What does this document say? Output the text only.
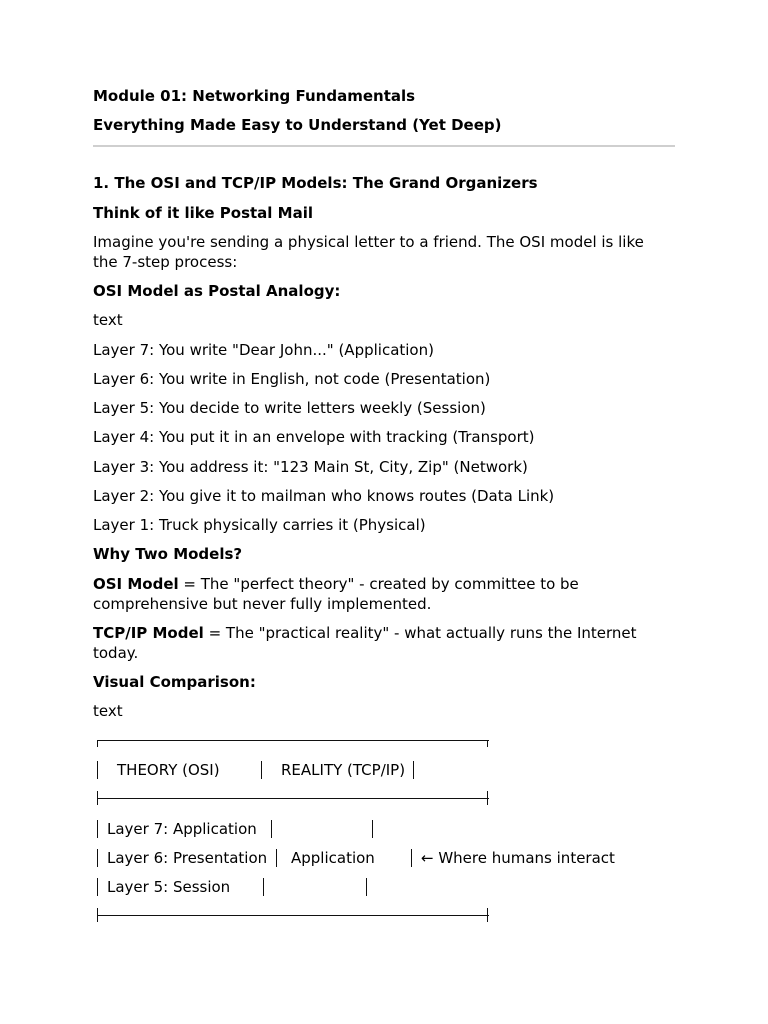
Module 01: Networking Fundamentals
Everything Made Easy to Understand (Yet Deep)
1. The OSI and TCP/IP Models: The Grand Organizers
Think of it like Postal Mail
Imagine you're sending a physical letter to a friend. The OSI model is like the 7-step process:
OSI Model as Postal Analogy:
text
Layer 7: You write "Dear John..." (Application)
Layer 6: You write in English, not code (Presentation)
Layer 5: You decide to write letters weekly (Session)
Layer 4: You put it in an envelope with tracking (Transport)
Layer 3: You address it: "123 Main St, City, Zip" (Network)
Layer 2: You give it to mailman who knows routes (Data Link)
Layer 1: Truck physically carries it (Physical)
Why Two Models?
OSI Model = The "perfect theory" - created by committee to be comprehensive but never fully implemented.
TCP/IP Model = The "practical reality" - what actually runs the Internet today.
Visual Comparison:
text
THEORY (OSI)	REALITY (TCP/IP)
Layer 7: Application
Layer 6: Presentation Application	← Where humans interact
Layer 5: Session
